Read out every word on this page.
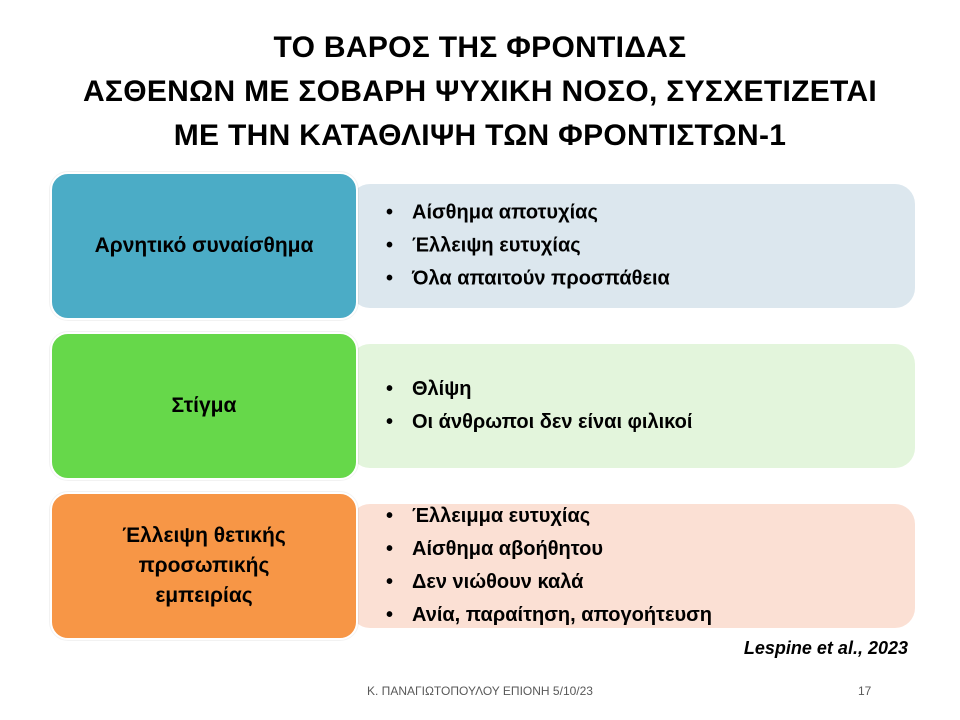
ΤΟ ΒΑΡΟΣ ΤΗΣ ΦΡΟΝΤΙΔΑΣ
ΑΣΘΕΝΩΝ ΜΕ ΣΟΒΑΡΗ ΨΥΧΙΚΗ ΝΟΣΟ, ΣΥΣΧΕΤΙΖΕΤΑΙ
ΜΕ ΤΗΝ ΚΑΤΑΘΛΙΨΗ ΤΩΝ ΦΡΟΝΤΙΣΤΩΝ-1
• Αίσθημα αποτυχίας
• Έλλειψη ευτυχίας
• Όλα απαιτούν προσπάθεια
Αρνητικό συναίσθημα
• Θλίψη
• Οι άνθρωποι δεν είναι φιλικοί
Στίγμα
• Έλλειμμα ευτυχίας
• Αίσθημα αβοήθητου
• Δεν νιώθουν καλά
• Ανία, παραίτηση, απογοήτευση
Έλλειψη θετικής
προσωπικής
εμπειρίας
Lespine et al., 2023
Κ. ΠΑΝΑΓΙΩΤΟΠΟΥΛΟΥ ΕΠΙΟΝΗ 5/10/23	17
